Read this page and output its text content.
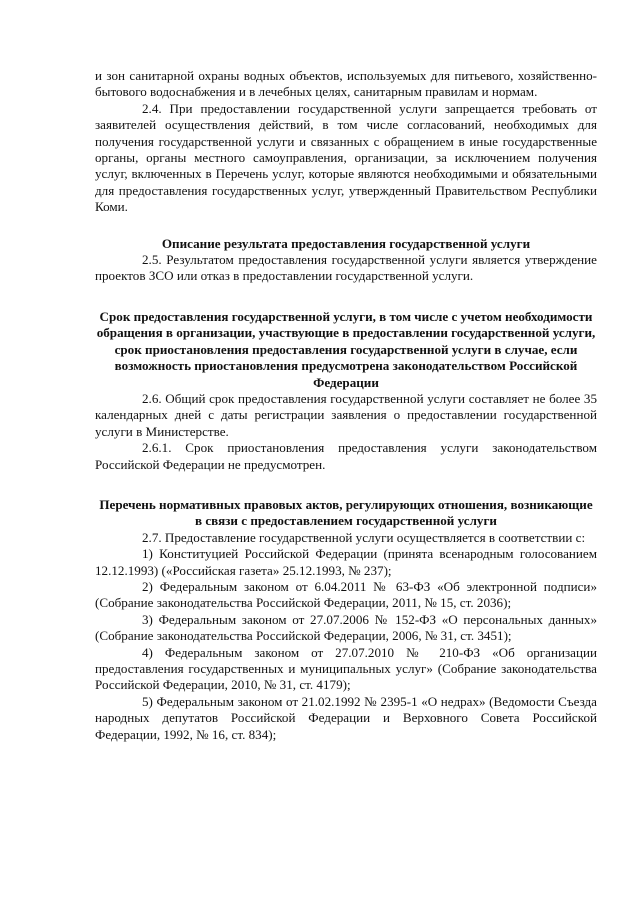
и зон санитарной охраны водных объектов, используемых для питьевого, хозяйственно-бытового водоснабжения и в лечебных целях, санитарным правилам и нормам.

2.4. При предоставлении государственной услуги запрещается требовать от заявителей осуществления действий, в том числе согласований, необходимых для получения государственной услуги и связанных с обращением в иные государственные органы, органы местного самоуправления, организации, за исключением получения услуг, включенных в Перечень услуг, которые являются необходимыми и обязательными для предоставления государственных услуг, утвержденный Правительством Республики Коми.

Описание результата предоставления государственной услуги

2.5. Результатом предоставления государственной услуги является утверждение проектов ЗСО или отказ в предоставлении государственной услуги.

Срок предоставления государственной услуги, в том числе с учетом необходимости обращения в организации, участвующие в предоставлении государственной услуги, срок приостановления предоставления государственной услуги в случае, если возможность приостановления предусмотрена законодательством Российской Федерации

2.6. Общий срок предоставления государственной услуги составляет не более 35 календарных дней с даты регистрации заявления о предоставлении государственной услуги в Министерстве.

2.6.1. Срок приостановления предоставления услуги законодательством Российской Федерации не предусмотрен.

Перечень нормативных правовых актов, регулирующих отношения, возникающие в связи с предоставлением государственной услуги

2.7. Предоставление государственной услуги осуществляется в соответствии с:

1) Конституцией Российской Федерации (принята всенародным голосованием 12.12.1993) («Российская газета» 25.12.1993, № 237);

2) Федеральным законом от 6.04.2011 № 63-ФЗ «Об электронной подписи» (Собрание законодательства Российской Федерации, 2011, № 15, ст. 2036);

3) Федеральным законом от 27.07.2006 № 152-ФЗ «О персональных данных» (Собрание законодательства Российской Федерации, 2006, № 31, ст. 3451);

4) Федеральным законом от 27.07.2010 № 210-ФЗ «Об организации предоставления государственных и муниципальных услуг» (Собрание законодательства Российской Федерации, 2010, № 31, ст. 4179);

5) Федеральным законом от 21.02.1992 № 2395-1 «О недрах» (Ведомости Съезда народных депутатов Российской Федерации и Верховного Совета Российской Федерации, 1992, № 16, ст. 834);
